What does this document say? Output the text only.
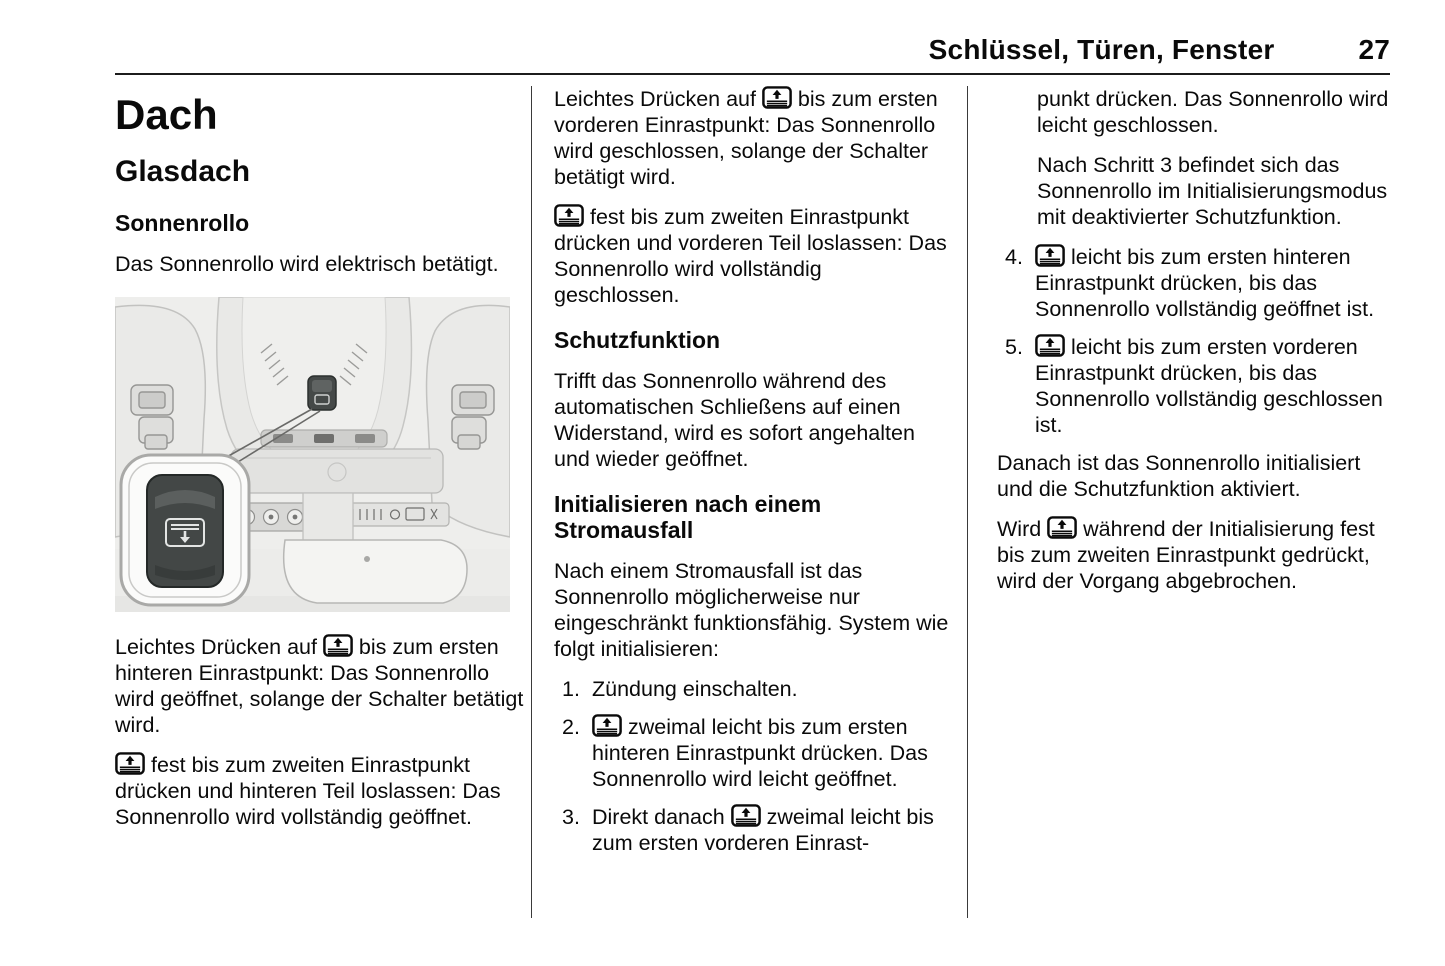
Schlüssel, Türen, Fenster	27
Dach
Glasdach
Sonnenrollo

Das Sonnenrollo wird elektrisch betätigt.

Leichtes Drücken auf
bis zum ersten hinteren Einrastpunkt: Das Sonnenrollo wird geöffnet, solange der Schalter betätigt wird.

fest bis zum zweiten Einrastpunkt drücken und hinteren Teil loslassen: Das Sonnenrollo wird vollständig geöffnet.

Leichtes Drücken auf
bis zum ersten vorderen Einrastpunkt: Das Sonnenrollo wird geschlossen, solange der Schalter betätigt wird.

fest bis zum zweiten Einrastpunkt drücken und vorderen Teil loslassen: Das Sonnenrollo wird vollständig geschlossen.

Schutzfunktion

Trifft das Sonnenrollo während des automatischen Schließens auf einen Widerstand, wird es sofort angehalten und wieder geöffnet.

Initialisieren nach einem Stromausfall

Nach einem Stromausfall ist das Sonnenrollo möglicherweise nur eingeschränkt funktionsfähig. System wie folgt initialisieren:

1. Zündung einschalten.
2.	zweimal leicht bis zum ersten hinteren Einrastpunkt drücken. Das Sonnenrollo wird leicht geöffnet.
3. Direkt danach
zweimal leicht bis zum ersten vorderen Einrast-

punkt drücken. Das Sonnenrollo wird leicht geschlossen.

Nach Schritt 3 befindet sich das Sonnenrollo im Initialisierungsmodus mit deaktivierter Schutzfunktion.

4.	leicht bis zum ersten hinteren Einrastpunkt drücken, bis das Sonnenrollo vollständig geöffnet ist.
5.	leicht bis zum ersten vorderen Einrastpunkt drücken, bis das Sonnenrollo vollständig geschlossen ist.

Danach ist das Sonnenrollo initialisiert und die Schutzfunktion aktiviert.

Wird
während der Initialisierung fest bis zum zweiten Einrastpunkt gedrückt, wird der Vorgang abgebrochen.
